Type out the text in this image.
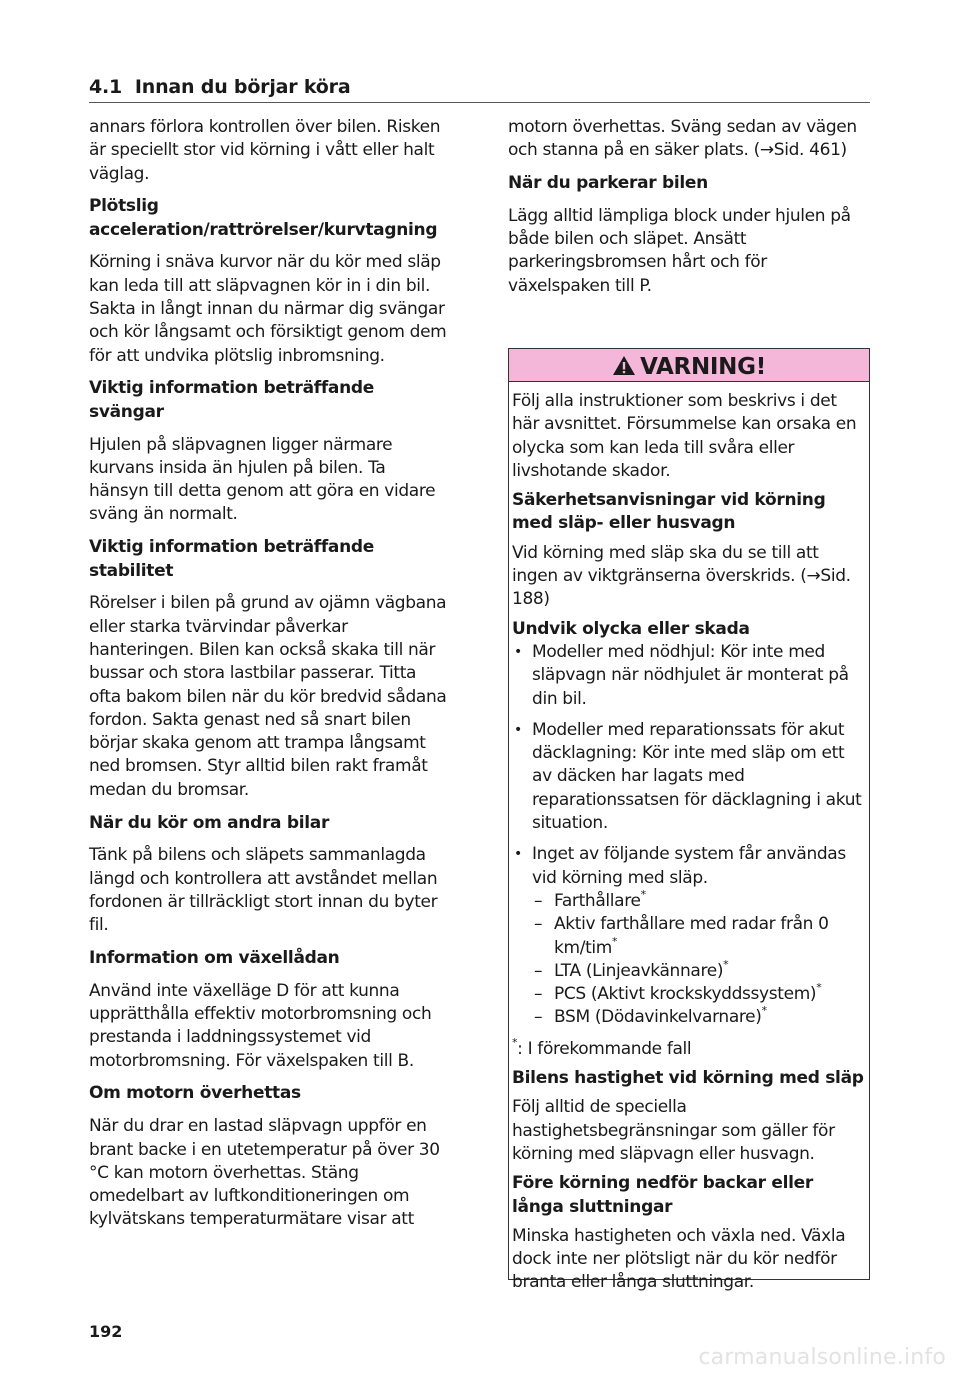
4.1 Innan du börjar köra

annars förlora kontrollen över bilen. Risken är speciellt stor vid körning i vått eller halt väglag.

Plötslig acceleration/rattrörelser/kurvtagning

Körning i snäva kurvor när du kör med släp kan leda till att släpvagnen kör in i din bil. Sakta in långt innan du närmar dig svängar och kör långsamt och försiktigt genom dem för att undvika plötslig inbromsning.

Viktig information beträffande svängar

Hjulen på släpvagnen ligger närmare kurvans insida än hjulen på bilen. Ta hänsyn till detta genom att göra en vidare sväng än normalt.

Viktig information beträffande stabilitet

Rörelser i bilen på grund av ojämn vägbana eller starka tvärvindar påverkar hanteringen. Bilen kan också skaka till när bussar och stora lastbilar passerar. Titta ofta bakom bilen när du kör bredvid sådana fordon. Sakta genast ned så snart bilen börjar skaka genom att trampa långsamt ned bromsen. Styr alltid bilen rakt framåt medan du bromsar.

När du kör om andra bilar

Tänk på bilens och släpets sammanlagda längd och kontrollera att avståndet mellan fordonen är tillräckligt stort innan du byter fil.

Information om växellådan

Använd inte växelläge D för att kunna upprätthålla effektiv motorbromsning och prestanda i laddningssystemet vid motorbromsning. För växelspaken till B.

Om motorn överhettas

När du drar en lastad släpvagn uppför en brant backe i en utetemperatur på över 30 °C kan motorn överhettas. Stäng omedelbart av luftkonditioneringen om kylvätskans temperaturmätare visar att

motorn överhettas. Sväng sedan av vägen och stanna på en säker plats. (→Sid. 461)

När du parkerar bilen

Lägg alltid lämpliga block under hjulen på både bilen och släpet. Ansätt parkeringsbromsen hårt och för växelspaken till P.

VARNING!

Följ alla instruktioner som beskrivs i det här avsnittet. Försummelse kan orsaka en olycka som kan leda till svåra eller livshotande skador.

Säkerhetsanvisningar vid körning med släp- eller husvagn

Vid körning med släp ska du se till att ingen av viktgränserna överskrids. (→Sid. 188)

Undvik olycka eller skada

• Modeller med nödhjul: Kör inte med släpvagn när nödhjulet är monterat på din bil.
• Modeller med reparationssats för akut däcklagning: Kör inte med släp om ett av däcken har lagats med reparationssatsen för däcklagning i akut situation.
• Inget av följande system får användas vid körning med släp.
– Farthållare*
– Aktiv farthållare med radar från 0 km/tim*
– LTA (Linjeavkännare)*
– PCS (Aktivt krockskyddssystem)*
– BSM (Dödavinkelvarnare)*

*: I förekommande fall

Bilens hastighet vid körning med släp

Följ alltid de speciella hastighetsbegränsningar som gäller för körning med släpvagn eller husvagn.

Före körning nedför backar eller långa sluttningar

Minska hastigheten och växla ned. Växla dock inte ner plötsligt när du kör nedför branta eller långa sluttningar.

192
carmanualsonline.info
